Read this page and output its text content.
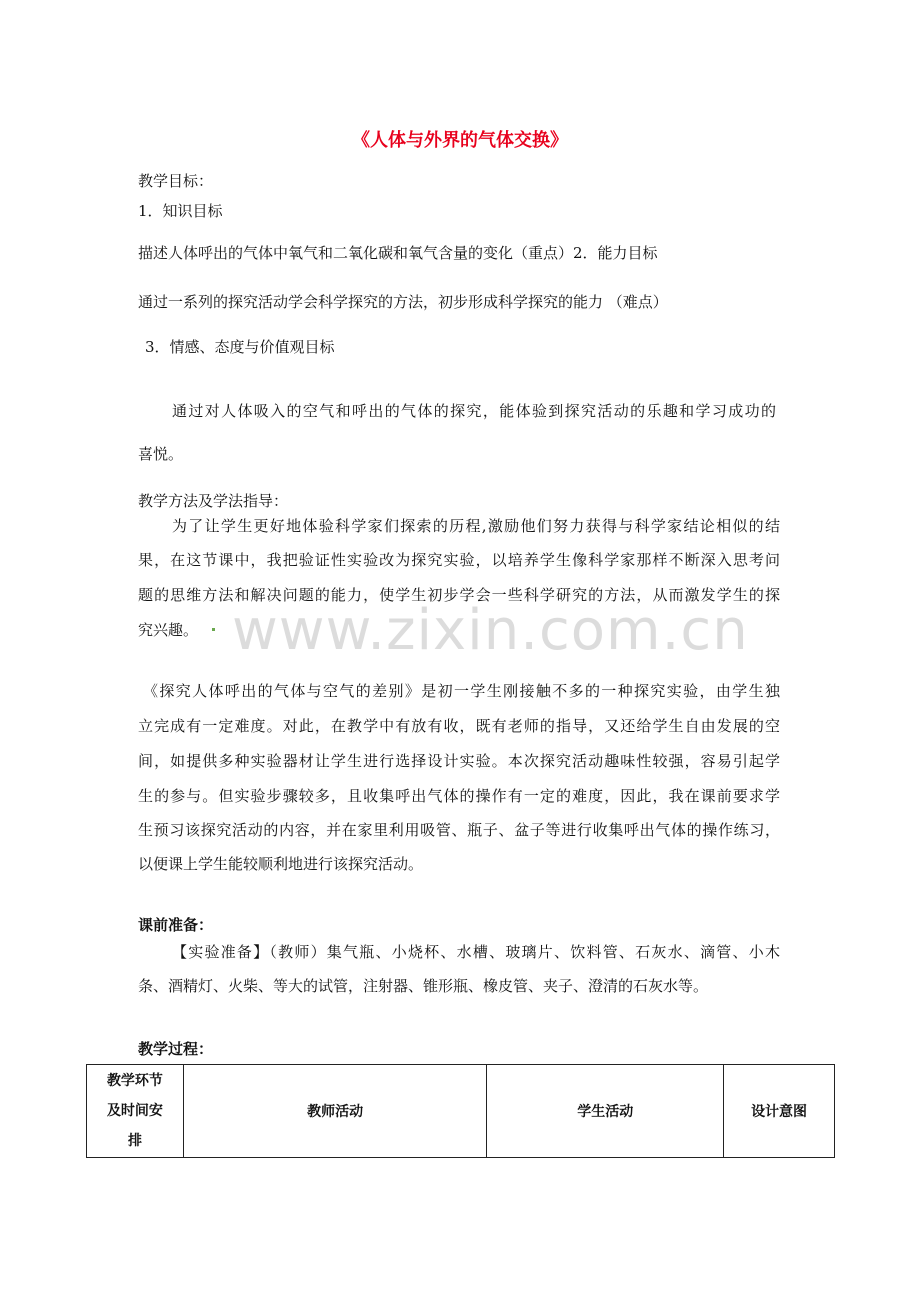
《人体与外界的气体交换》
教学目标：
1．知识目标
描述人体呼出的气体中氧气和二氧化碳和氧气含量的变化（重点）2．能力目标
通过一系列的探究活动学会科学探究的方法，初步形成科学探究的能力 （难点）
3．情感、态度与价值观目标
通过对人体吸入的空气和呼出的气体的探究，能体验到探究活动的乐趣和学习成功的
喜悦。
教学方法及学法指导：
为了让学生更好地体验科学家们探索的历程,激励他们努力获得与科学家结论相似的结
果，在这节课中，我把验证性实验改为探究实验，以培养学生像科学家那样不断深入思考问
题的思维方法和解决问题的能力，使学生初步学会一些科学研究的方法，从而激发学生的探
究兴趣。 www.zixin.com.cn
《探究人体呼出的气体与空气的差别》是初一学生刚接触不多的一种探究实验，由学生独
立完成有一定难度。对此，在教学中有放有收，既有老师的指导，又还给学生自由发展的空
间，如提供多种实验器材让学生进行选择设计实验。本次探究活动趣味性较强，容易引起学
生的参与。但实验步骤较多，且收集呼出气体的操作有一定的难度，因此，我在课前要求学
生预习该探究活动的内容，并在家里利用吸管、瓶子、盆子等进行收集呼出气体的操作练习，
以便课上学生能较顺利地进行该探究活动。
课前准备：
【实验准备】（教师）集气瓶、小烧杯、水槽、玻璃片、饮料管、石灰水、滴管、小木
条、酒精灯、火柴、等大的试管，注射器、锥形瓶、橡皮管、夹子、澄清的石灰水等。
教学过程：
教学环节
及时间安
排
	教师活动	学生活动	设计意图
